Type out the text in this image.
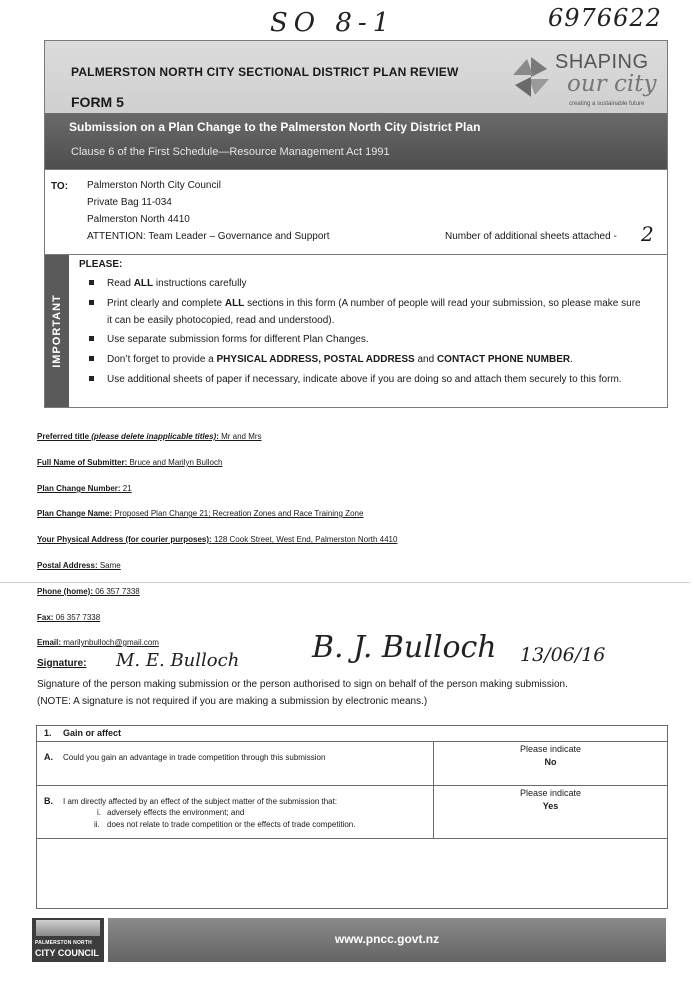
SO 8-1	6976622
PALMERSTON NORTH CITY SECTIONAL DISTRICT PLAN REVIEW
FORM 5
SHAPING
our city
creating a sustainable future
Submission on a Plan Change to the Palmerston North City District Plan
Clause 6 of the First Schedule—Resource Management Act 1991
TO: Palmerston North City Council
Private Bag 11-034
Palmerston North 4410
ATTENTION: Team Leader – Governance and Support	Number of additional sheets attached - 2
IMPORTANT
PLEASE:
Read ALL instructions carefully
Print clearly and complete ALL sections in this form (A number of people will read your submission, so please make sure it can be easily photocopied, read and understood).
Use separate submission forms for different Plan Changes.
Don’t forget to provide a PHYSICAL ADDRESS, POSTAL ADDRESS and CONTACT PHONE NUMBER.
Use additional sheets of paper if necessary, indicate above if you are doing so and attach them securely to this form.
Preferred title (please delete inapplicable titles): Mr and Mrs
Full Name of Submitter: Bruce and Marilyn Bulloch
Plan Change Number: 21
Plan Change Name: Proposed Plan Change 21; Recreation Zones and Race Training Zone
Your Physical Address (for courier purposes): 128 Cook Street, West End, Palmerston North 4410
Postal Address: Same
Phone (home): 06 357 7338
Fax: 06 357 7338
Email: marilynbulloch@gmail.com
Signature: M. E. Bulloch B. J. Bulloch 13/06/16
Signature of the person making submission or the person authorised to sign on behalf of the person making submission.
(NOTE: A signature is not required if you are making a submission by electronic means.)
1. Gain or affect
A. Could you gain an advantage in trade competition through this submission
Please indicate
No
B. I am directly affected by an effect of the subject matter of the submission that:
i. adversely effects the environment; and
ii. does not relate to trade competition or the effects of trade competition.
Please indicate
Yes
PALMERSTON NORTH
CITY COUNCIL
www.pncc.govt.nz
